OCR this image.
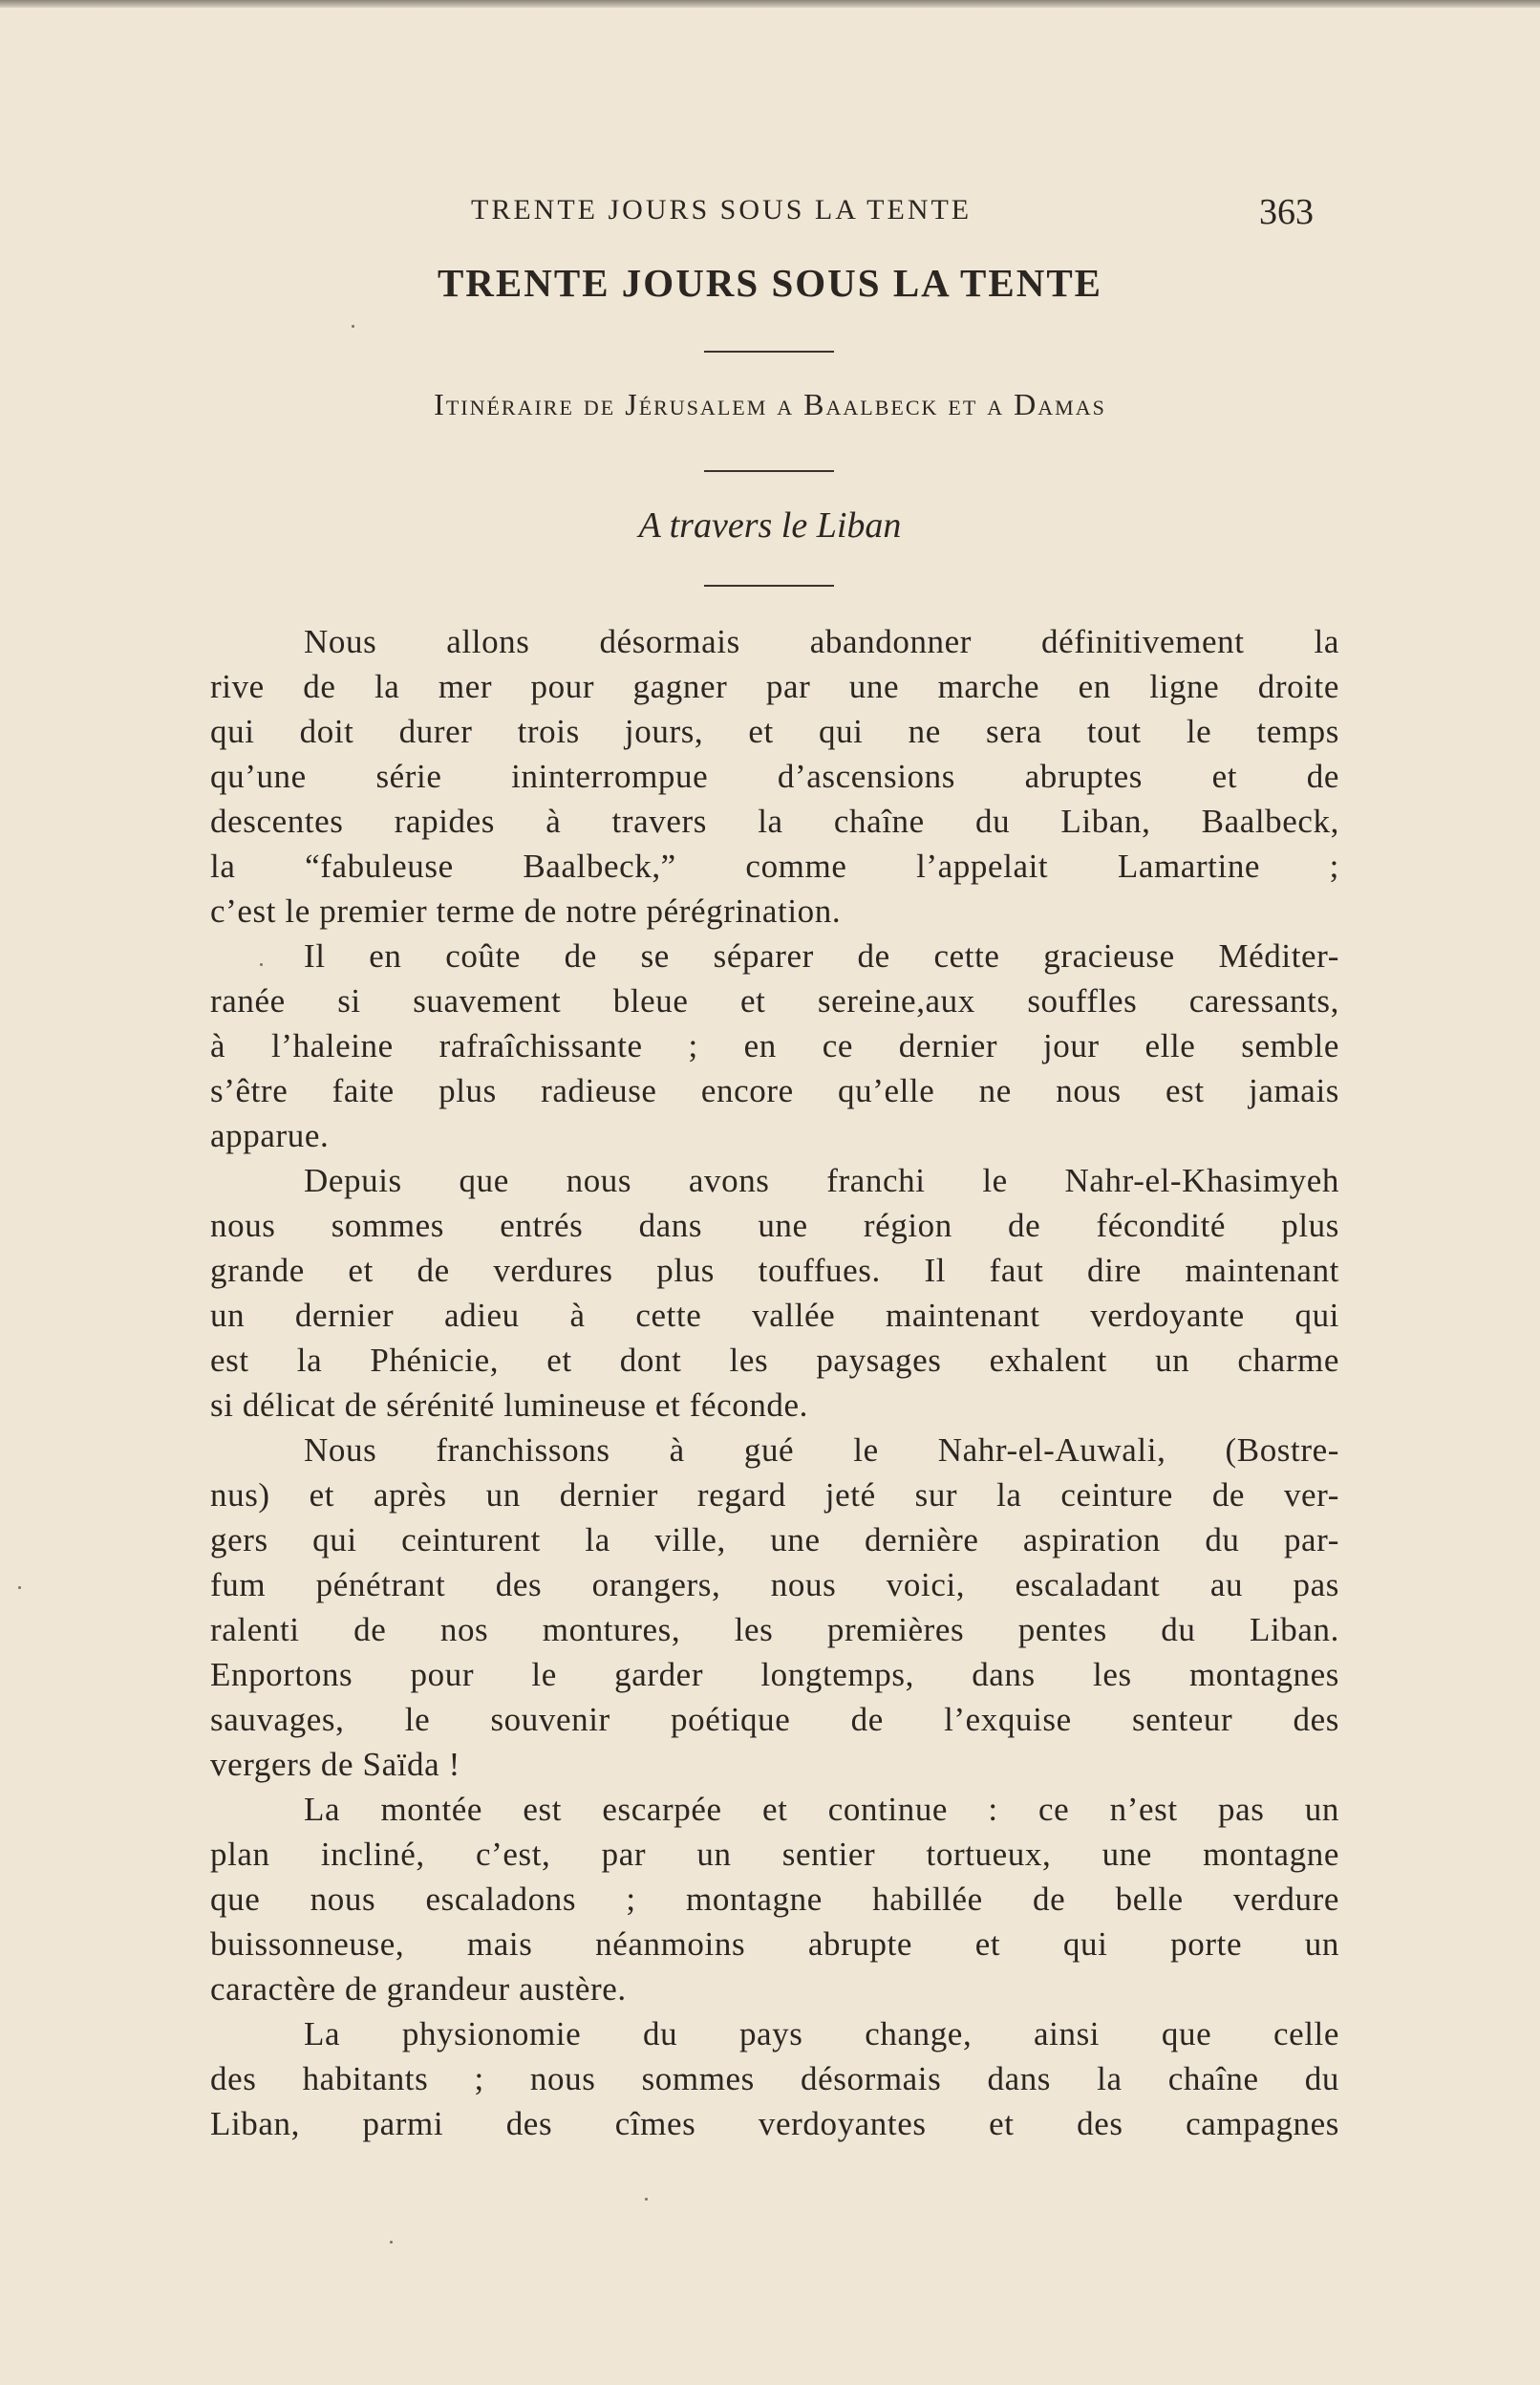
TRENTE JOURS SOUS LA TENTE	363
TRENTE JOURS SOUS LA TENTE
Itinéraire de Jérusalem a Baalbeck et a Damas
A travers le Liban
Nous allons désormais abandonner définitivement la
rive de la mer pour gagner par une marche en ligne droite
qui doit durer trois jours, et qui ne sera tout le temps
qu’une série ininterrompue d’ascensions abruptes et de
descentes rapides à travers la chaîne du Liban, Baalbeck,
la “fabuleuse Baalbeck,” comme l’appelait Lamartine ;
c’est le premier terme de notre pérégrination.
Il en coûte de se séparer de cette gracieuse Méditer-
ranée si suavement bleue et sereine,aux souffles caressants,
à l’haleine rafraîchissante ; en ce dernier jour elle semble
s’être faite plus radieuse encore qu’elle ne nous est jamais
apparue.
Depuis que nous avons franchi le Nahr-el-Khasimyeh
nous sommes entrés dans une région de fécondité plus
grande et de verdures plus touffues. Il faut dire maintenant
un dernier adieu à cette vallée maintenant verdoyante qui
est la Phénicie, et dont les paysages exhalent un charme
si délicat de sérénité lumineuse et féconde.
Nous franchissons à gué le Nahr-el-Auwali, (Bostre-
nus) et après un dernier regard jeté sur la ceinture de ver-
gers qui ceinturent la ville, une dernière aspiration du par-
fum pénétrant des orangers, nous voici, escaladant au pas
ralenti de nos montures, les premières pentes du Liban.
Enportons pour le garder longtemps, dans les montagnes
sauvages, le souvenir poétique de l’exquise senteur des
vergers de Saïda !
La montée est escarpée et continue : ce n’est pas un
plan incliné, c’est, par un sentier tortueux, une montagne
que nous escaladons ; montagne habillée de belle verdure
buissonneuse, mais néanmoins abrupte et qui porte un
caractère de grandeur austère.
La physionomie du pays change, ainsi que celle
des habitants ; nous sommes désormais dans la chaîne du
Liban, parmi des cîmes verdoyantes et des campagnes
